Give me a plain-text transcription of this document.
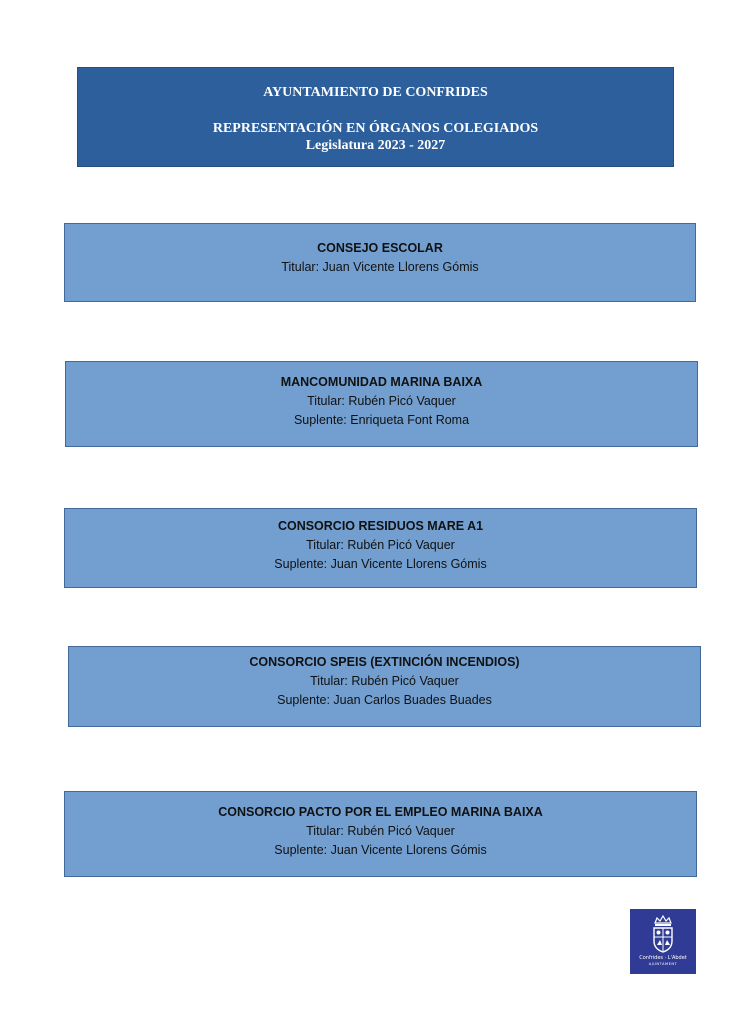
AYUNTAMIENTO DE CONFRIDES
REPRESENTACIÓN EN ÓRGANOS COLEGIADOS
Legislatura 2023 - 2027
CONSEJO ESCOLAR
Titular: Juan Vicente Llorens Gómis
MANCOMUNIDAD MARINA BAIXA
Titular: Rubén Picó Vaquer
Suplente: Enriqueta Font Roma
CONSORCIO RESIDUOS MARE A1
Titular: Rubén Picó Vaquer
Suplente: Juan Vicente Llorens Gómis
CONSORCIO SPEIS (EXTINCIÓN INCENDIOS)
Titular: Rubén Picó Vaquer
Suplente: Juan Carlos Buades Buades
CONSORCIO PACTO POR EL EMPLEO MARINA BAIXA
Titular: Rubén Picó Vaquer
Suplente: Juan Vicente Llorens Gómis
Confrides · L'Abdet
AJUNTAMENT
